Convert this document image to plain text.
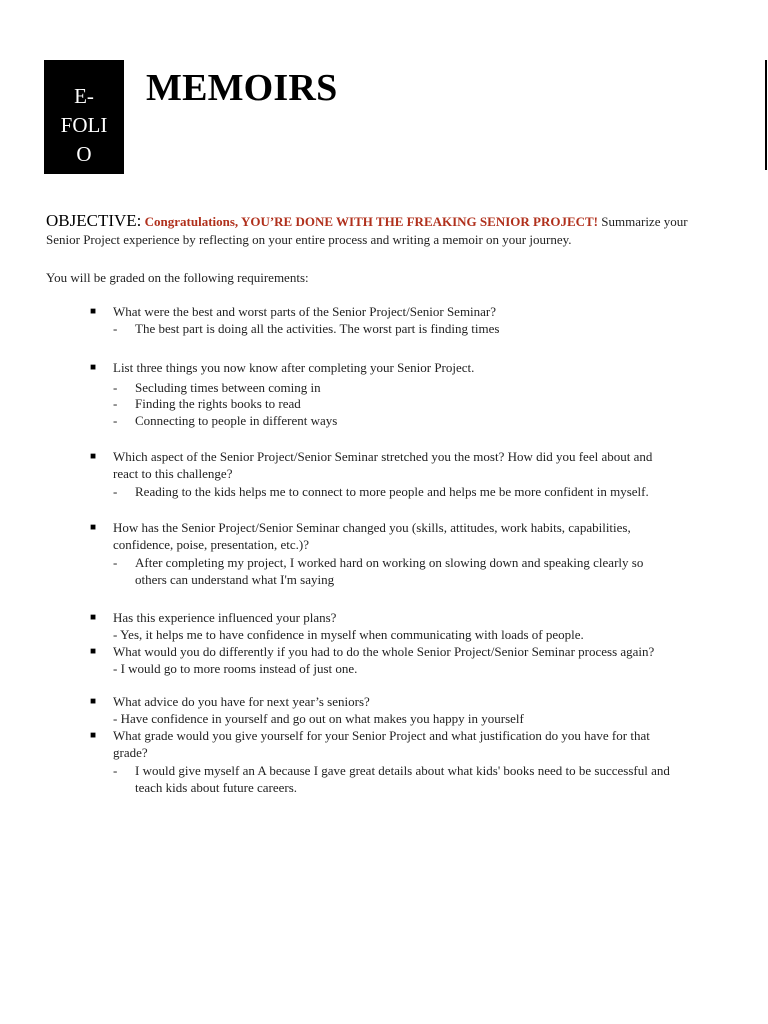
E-
FOLI
O
MEMOIRS
OBJECTIVE: Congratulations, YOU’RE DONE WITH THE FREAKING SENIOR PROJECT! Summarize your Senior Project experience by reflecting on your entire process and writing a memoir on your journey.
You will be graded on the following requirements:
■	What were the best and worst parts of the Senior Project/Senior Seminar?
- The best part is doing all the activities. The worst part is finding times
■	List three things you now know after completing your Senior Project.
- Secluding times between coming in
- Finding the rights books to read
- Connecting to people in different ways
■	Which aspect of the Senior Project/Senior Seminar stretched you the most? How did you feel about and react to this challenge?
- Reading to the kids helps me to connect to more people and helps me be more confident in myself.
■	How has the Senior Project/Senior Seminar changed you (skills, attitudes, work habits, capabilities, confidence, poise, presentation, etc.)?
- After completing my project, I worked hard on working on slowing down and speaking clearly so others can understand what I'm saying
■	Has this experience influenced your plans?
- Yes, it helps me to have confidence in myself when communicating with loads of people.
■	What would you do differently if you had to do the whole Senior Project/Senior Seminar process again?
- I would go to more rooms instead of just one.
■	What advice do you have for next year’s seniors?
- Have confidence in yourself and go out on what makes you happy in yourself
■	What grade would you give yourself for your Senior Project and what justification do you have for that grade?
- I would give myself an A because I gave great details about what kids' books need to be successful and teach kids about future careers.
